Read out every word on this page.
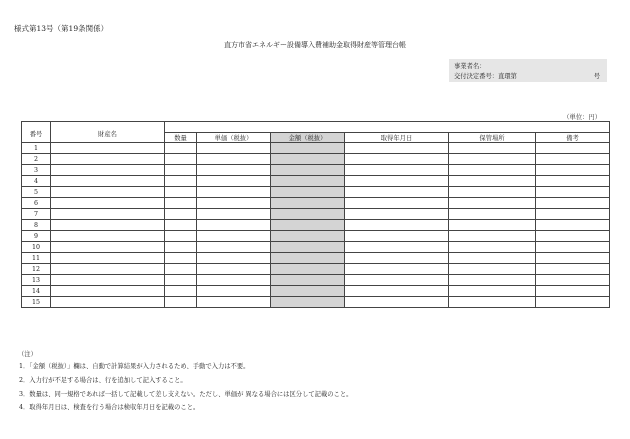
様式第13号（第19条関係）
直方市省エネルギー設備導入費補助金取得財産等管理台帳
事業者名：
交付決定番号：直環第	号
（単位：円）
番号	財産名						
		数量	単価（税抜）	金額（税抜）	取得年月日	保管場所	備考
1							
2							
3							
4							
5							
6							
7							
8							
9							
10							
11							
12							
13							
14							
15							
（注）
1．「金額（税抜）」欄は、自動で計算結果が入力されるため、手動で入力は不要。
2．入力行が不足する場合は、行を追加して記入すること。
3．数量は、同一規格であれば一括して記載して差し支えない。ただし、単価が 異なる場合には区分して記載のこと。
4．取得年月日は、検査を行う場合は検収年月日を記載のこと。
